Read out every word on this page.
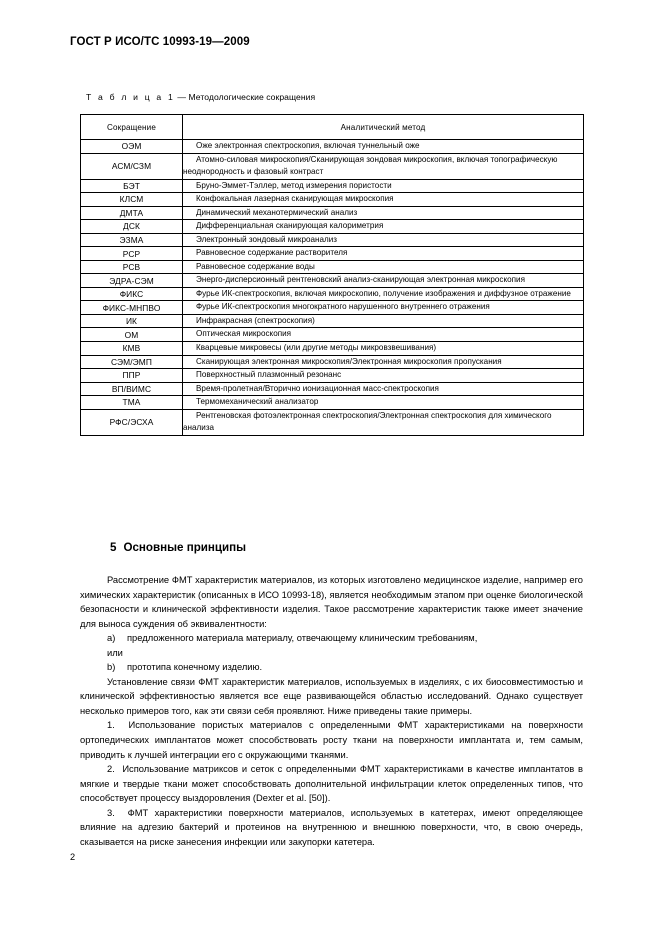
ГОСТ Р ИСО/ТС 10993-19—2009
Т а б л и ц а 1 — Методологические сокращения
Сокращение	Аналитический метод
ОЭМ	Оже электронная спектроскопия, включая туннельный оже
АСМ/СЗМ	Атомно-силовая микроскопия/Сканирующая зондовая микроскопия, включая топографическую неоднородность и фазовый контраст
БЭТ	Бруно-Эммет-Тэллер, метод измерения пористости
КЛСМ	Конфокальная лазерная сканирующая микроскопия
ДМТА	Динамический механотермический анализ
ДСК	Дифференциальная сканирующая калориметрия
ЭЗМА	Электронный зондовый микроанализ
РСР	Равновесное содержание растворителя
РСВ	Равновесное содержание воды
ЭДРА-СЭМ	Энерго-дисперсионный рентгеновский анализ-сканирующая электронная микроскопия
ФИКС	Фурье ИК-спектроскопия, включая микроскопию, получение изображения и диффузное отражение
ФИКС-МНПВО	Фурье ИК-спектроскопия многократного нарушенного внутреннего отражения
ИК	Инфракрасная (спектроскопия)
ОМ	Оптическая микроскопия
КМВ	Кварцевые микровесы (или другие методы микровзвешивания)
СЭМ/ЭМП	Сканирующая электронная микроскопия/Электронная микроскопия пропускания
ППР	Поверхностный плазмонный резонанс
ВП/ВИМС	Время-пролетная/Вторично ионизационная масс-спектроскопия
ТМА	Термомеханический анализатор
РФС/ЭСХА	Рентгеновская фотоэлектронная спектроскопия/Электронная спектроскопия для химического анализа
5 Основные принципы

Рассмотрение ФМТ характеристик материалов, из которых изготовлено медицинское изделие, например его химических характеристик (описанных в ИСО 10993-18), является необходимым этапом при оценке биологической безопасности и клинической эффективности изделия. Такое рассмотрение характеристик также имеет значение для выноса суждения об эквивалентности:

a)	предложенного материала материалу, отвечающему клиническим требованиям,

или

b)	прототипа конечному изделию.

Установление связи ФМТ характеристик материалов, используемых в изделиях, с их биосовместимостью и клинической эффективностью является все еще развивающейся областью исследований. Однако существует несколько примеров того, как эти связи себя проявляют. Ниже приведены такие примеры.

1. Использование пористых материалов с определенными ФМТ характеристиками на поверхности ортопедических имплантатов может способствовать росту ткани на поверхности имплантата и, тем самым, приводить к лучшей интеграции его с окружающими тканями.

2. Использование матриксов и сеток с определенными ФМТ характеристиками в качестве имплантатов в мягкие и твердые ткани может способствовать дополнительной инфильтрации клеток определенных типов, что способствует процессу выздоровления (Dexter et al. [50]).

3. ФМТ характеристики поверхности материалов, используемых в катетерах, имеют определяющее влияние на адгезию бактерий и протеинов на внутреннюю и внешнюю поверхности, что, в свою очередь, сказывается на риске занесения инфекции или закупорки катетера.

2
